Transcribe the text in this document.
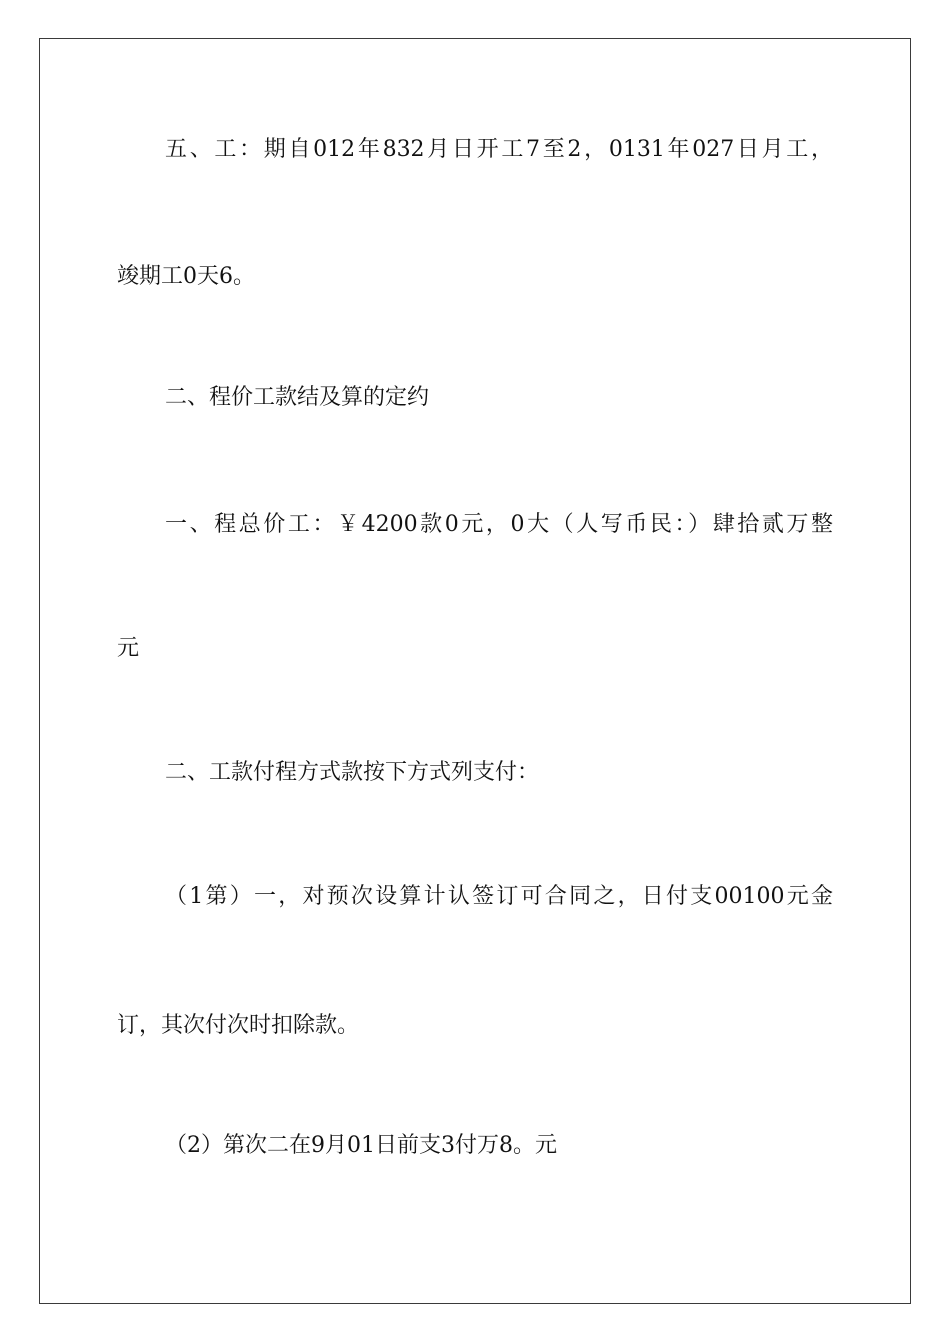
五、工：期自012年832月日开工7至2，0131年027日月工，

竣期工0天6。

二、程价工款结及算的定约

一、程总价工：￥4200款0元，0大（人写币民：）肆拾贰万整

元

二、工款付程方式款按下方式列支付：

（1第）一，对预次设算计认签订可合同之，日付支00100元金

订，其次付次时扣除款。

（2）第次二在9月01日前支3付万8。元
